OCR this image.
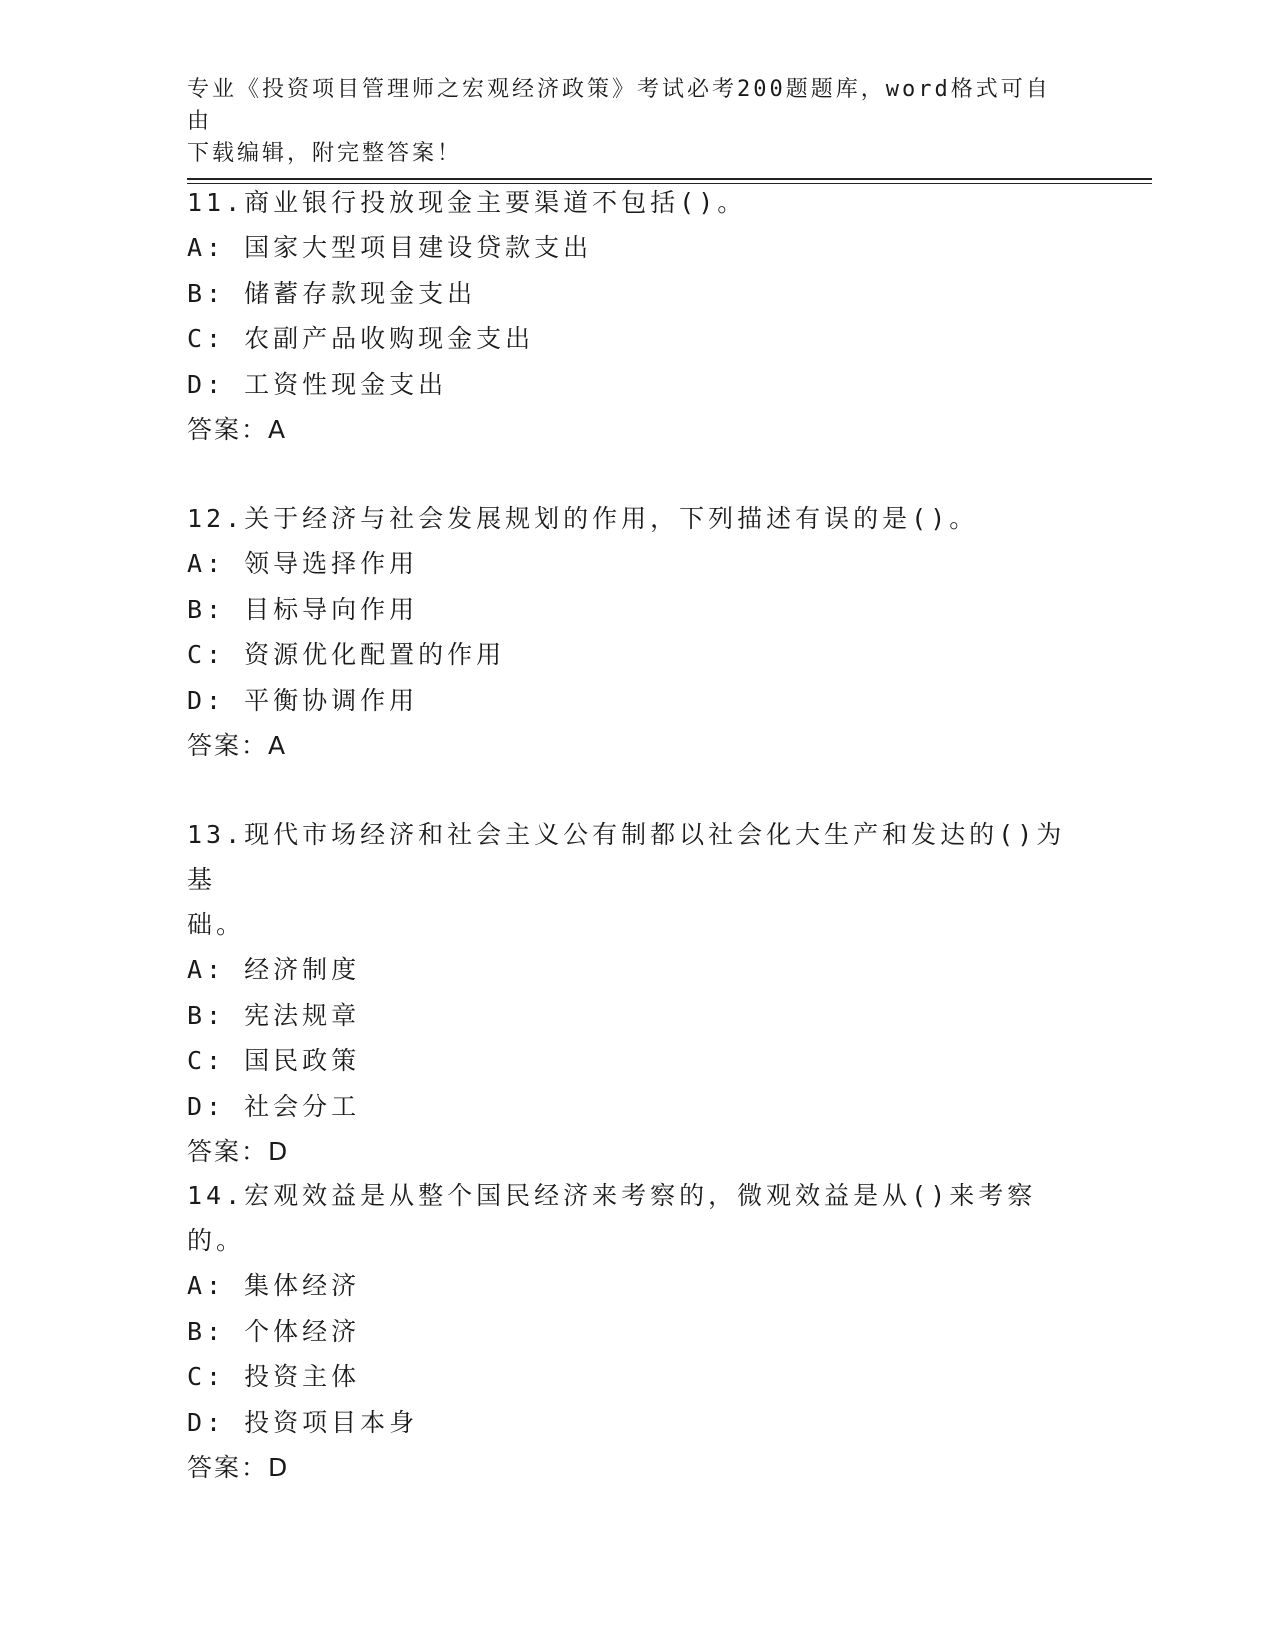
专业《投资项目管理师之宏观经济政策》考试必考200题题库，word格式可自由
下载编辑，附完整答案！

11.商业银行投放现金主要渠道不包括()。

A: 国家大型项目建设贷款支出

B: 储蓄存款现金支出

C: 农副产品收购现金支出

D: 工资性现金支出

答案：A

12.关于经济与社会发展规划的作用，下列描述有误的是()。

A: 领导选择作用

B: 目标导向作用

C: 资源优化配置的作用

D: 平衡协调作用

答案：A

13.现代市场经济和社会主义公有制都以社会化大生产和发达的()为基

础。

A: 经济制度

B: 宪法规章

C: 国民政策

D: 社会分工

答案：D

14.宏观效益是从整个国民经济来考察的，微观效益是从()来考察的。

A: 集体经济

B: 个体经济

C: 投资主体

D: 投资项目本身

答案：D
